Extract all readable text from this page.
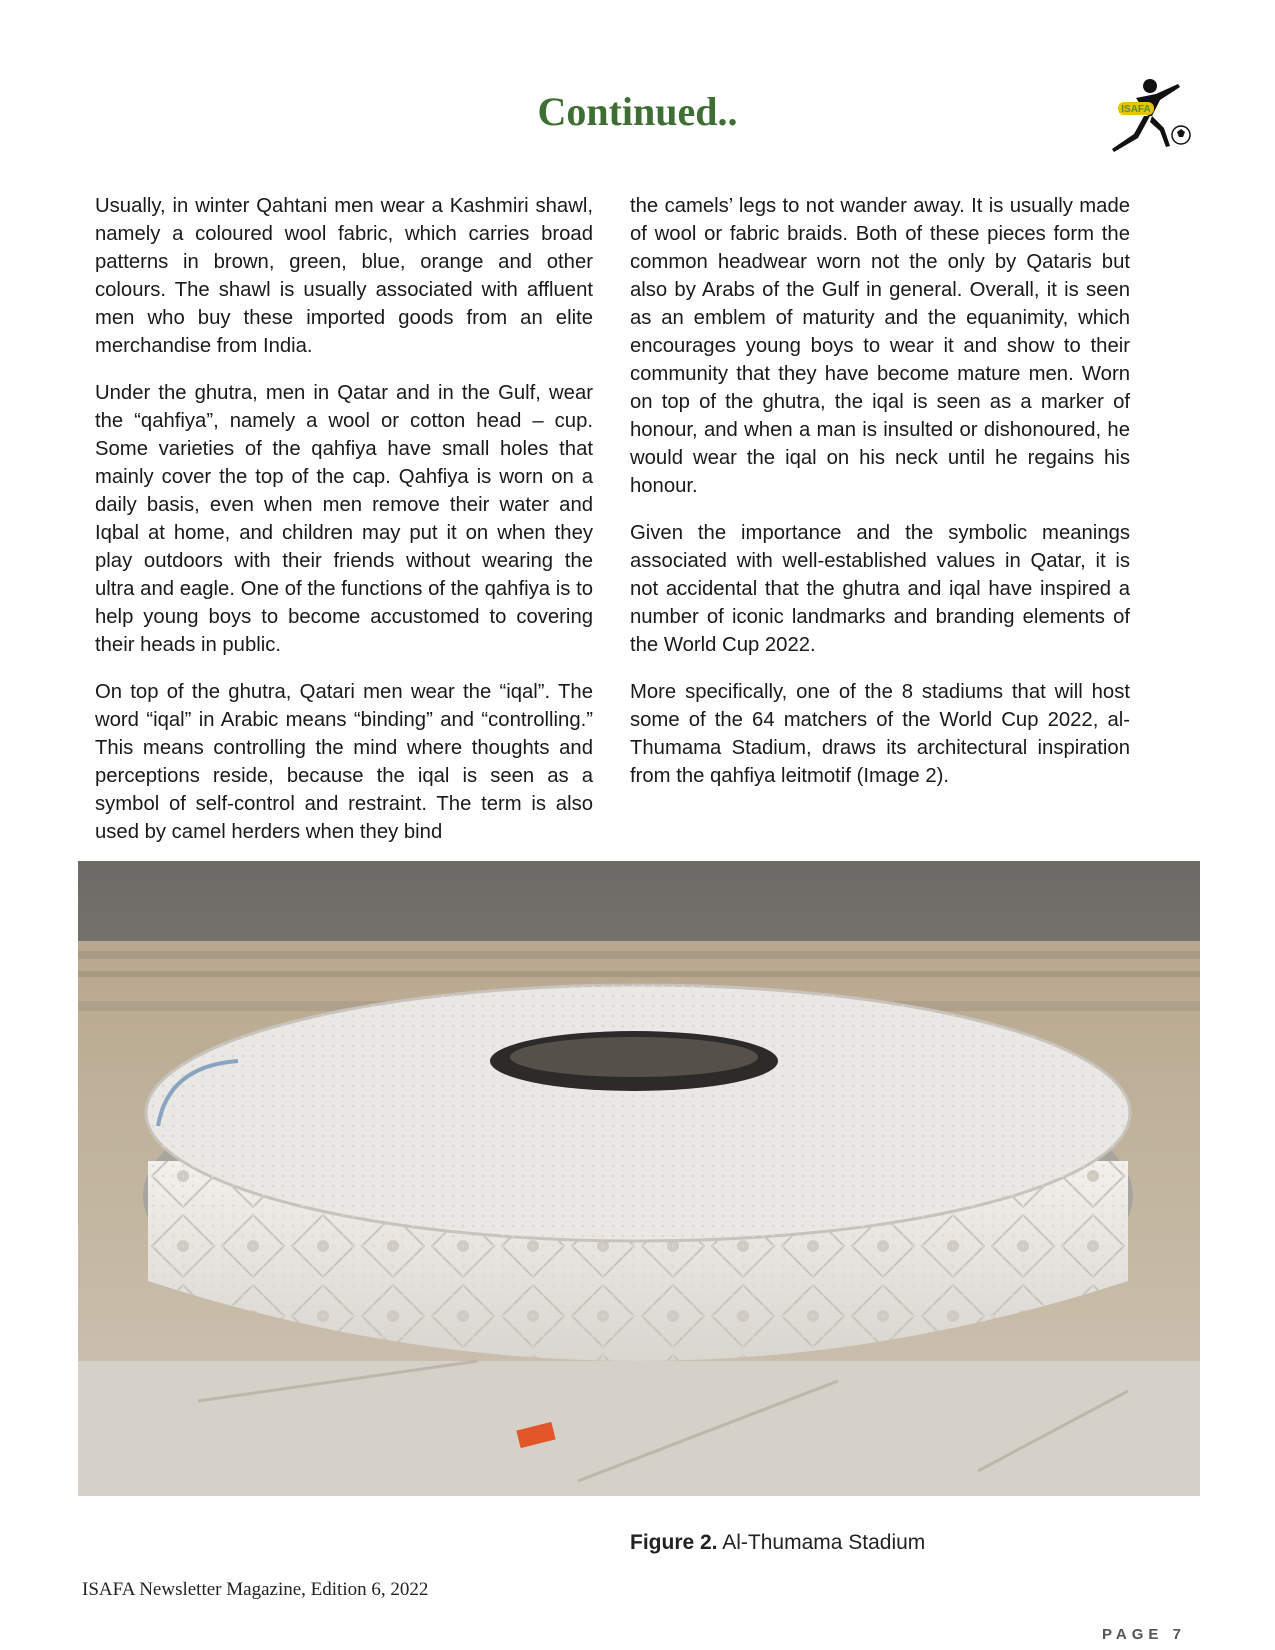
Continued..	ISAFA

Usually, in winter Qahtani men wear a Kashmiri shawl, namely a coloured wool fabric, which carries broad patterns in brown, green, blue, orange and other colours. The shawl is usually associated with affluent men who buy these imported goods from an elite merchandise from India.

Under the ghutra, men in Qatar and in the Gulf, wear the “qahfiya”, namely a wool or cotton head – cup. Some varieties of the qahfiya have small holes that mainly cover the top of the cap. Qahfiya is worn on a daily basis, even when men remove their water and Iqbal at home, and children may put it on when they play outdoors with their friends without wearing the ultra and eagle. One of the functions of the qahfiya is to help young boys to become accustomed to covering their heads in public.

On top of the ghutra, Qatari men wear the “iqal”. The word “iqal” in Arabic means “binding” and “controlling.” This means controlling the mind where thoughts and perceptions reside, because the iqal is seen as a symbol of self-control and restraint. The term is also used by camel herders when they bind

the camels’ legs to not wander away. It is usually made of wool or fabric braids. Both of these pieces form the common headwear worn not the only by Qataris but also by Arabs of the Gulf in general. Overall, it is seen as an emblem of maturity and the equanimity, which encourages young boys to wear it and show to their community that they have become mature men. Worn on top of the ghutra, the iqal is seen as a marker of honour, and when a man is insulted or dishonoured, he would wear the iqal on his neck until he regains his honour.

Given the importance and the symbolic meanings associated with well-established values in Qatar, it is not accidental that the ghutra and iqal have inspired a number of iconic landmarks and branding elements of the World Cup 2022.

More specifically, one of the 8 stadiums that will host some of the 64 matchers of the World Cup 2022, al-Thumama Stadium, draws its architectural inspiration from the qahfiya leitmotif (Image 2).

Figure 2. Al-Thumama Stadium
ISAFA Newsletter Magazine, Edition 6, 2022
PAGE 7
